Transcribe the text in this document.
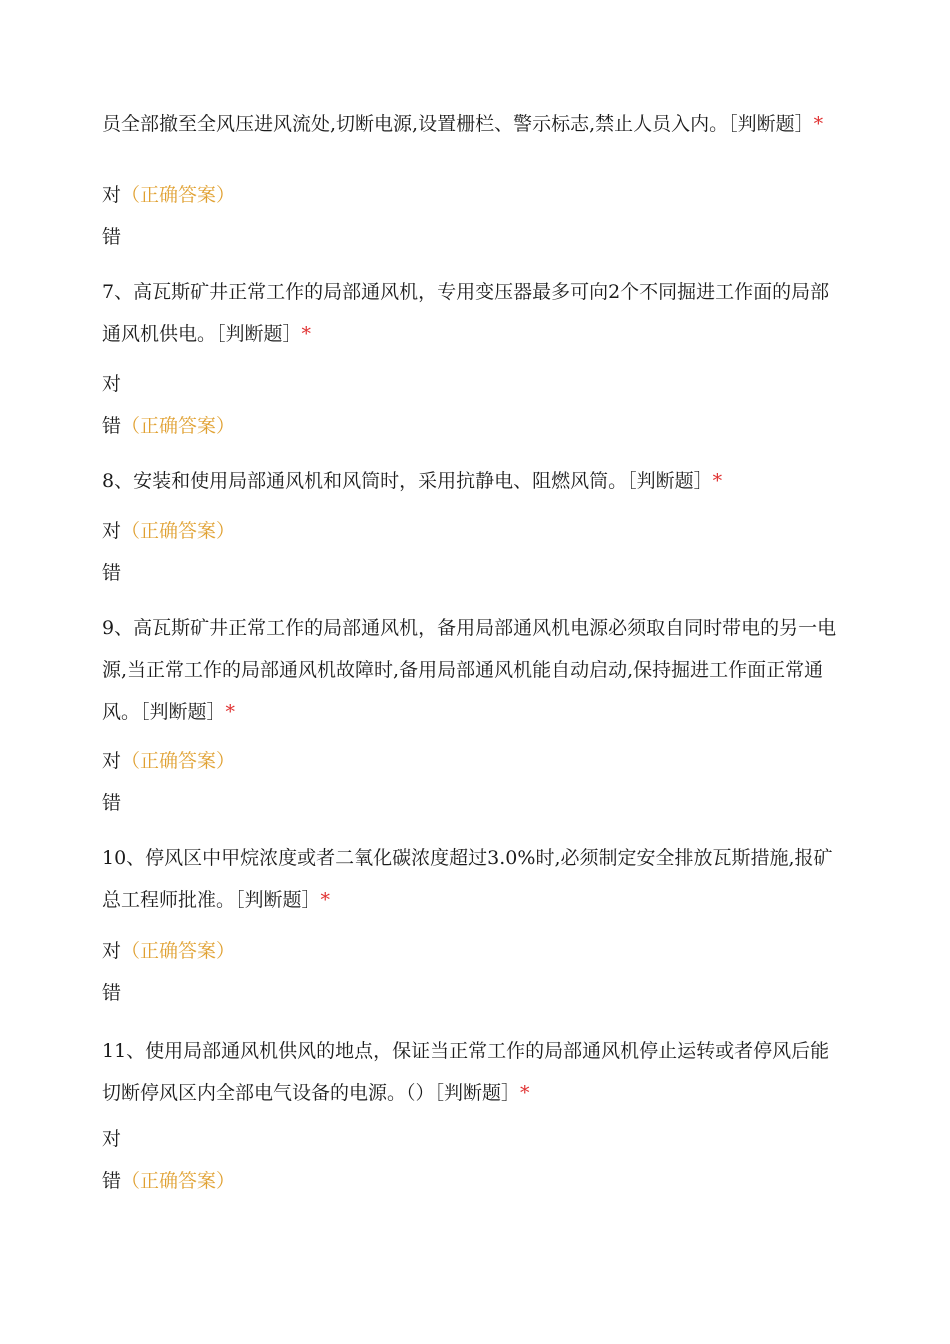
员全部撤至全风压进风流处,切断电源,设置栅栏、警示标志,禁止人员入内。［判断题］*

对（正确答案）
错

7、高瓦斯矿井正常工作的局部通风机，专用变压器最多可向2个不同掘进工作面的局部通风机供电。［判断题］*

对
错（正确答案）

8、安装和使用局部通风机和风筒时，采用抗静电、阻燃风筒。［判断题］*

对（正确答案）
错

9、高瓦斯矿井正常工作的局部通风机，备用局部通风机电源必须取自同时带电的另一电源,当正常工作的局部通风机故障时,备用局部通风机能自动启动,保持掘进工作面正常通风。［判断题］*

对（正确答案）
错

10、停风区中甲烷浓度或者二氧化碳浓度超过3.0%时,必须制定安全排放瓦斯措施,报矿总工程师批准。［判断题］*

对（正确答案）
错

11、使用局部通风机供风的地点，保证当正常工作的局部通风机停止运转或者停风后能切断停风区内全部电气设备的电源。（）［判断题］*

对
错（正确答案）
